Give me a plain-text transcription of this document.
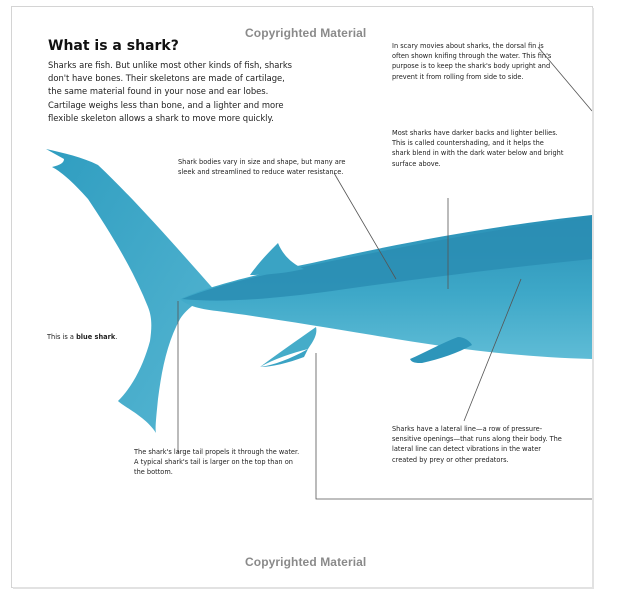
Copyrighted Material
Copyrighted Material
What is a shark?
Sharks are fish. But unlike most other kinds of fish, sharks don't have bones. Their skeletons are made of cartilage, the same material found in your nose and ear lobes. Cartilage weighs less than bone, and a lighter and more flexible skeleton allows a shark to move more quickly.
In scary movies about sharks, the dorsal fin is often shown knifing through the water. This fin's purpose is to keep the shark's body upright and prevent it from rolling from side to side.
Most sharks have darker backs and lighter bellies. This is called countershading, and it helps the shark blend in with the dark water below and bright surface above.
Shark bodies vary in size and shape, but many are sleek and streamlined to reduce water resistance.
This is a blue shark.
Sharks have a lateral line—a row of pressure-sensitive openings—that runs along their body. The lateral line can detect vibrations in the water created by prey or other predators.
The shark's large tail propels it through the water. A typical shark's tail is larger on the top than on the bottom.
